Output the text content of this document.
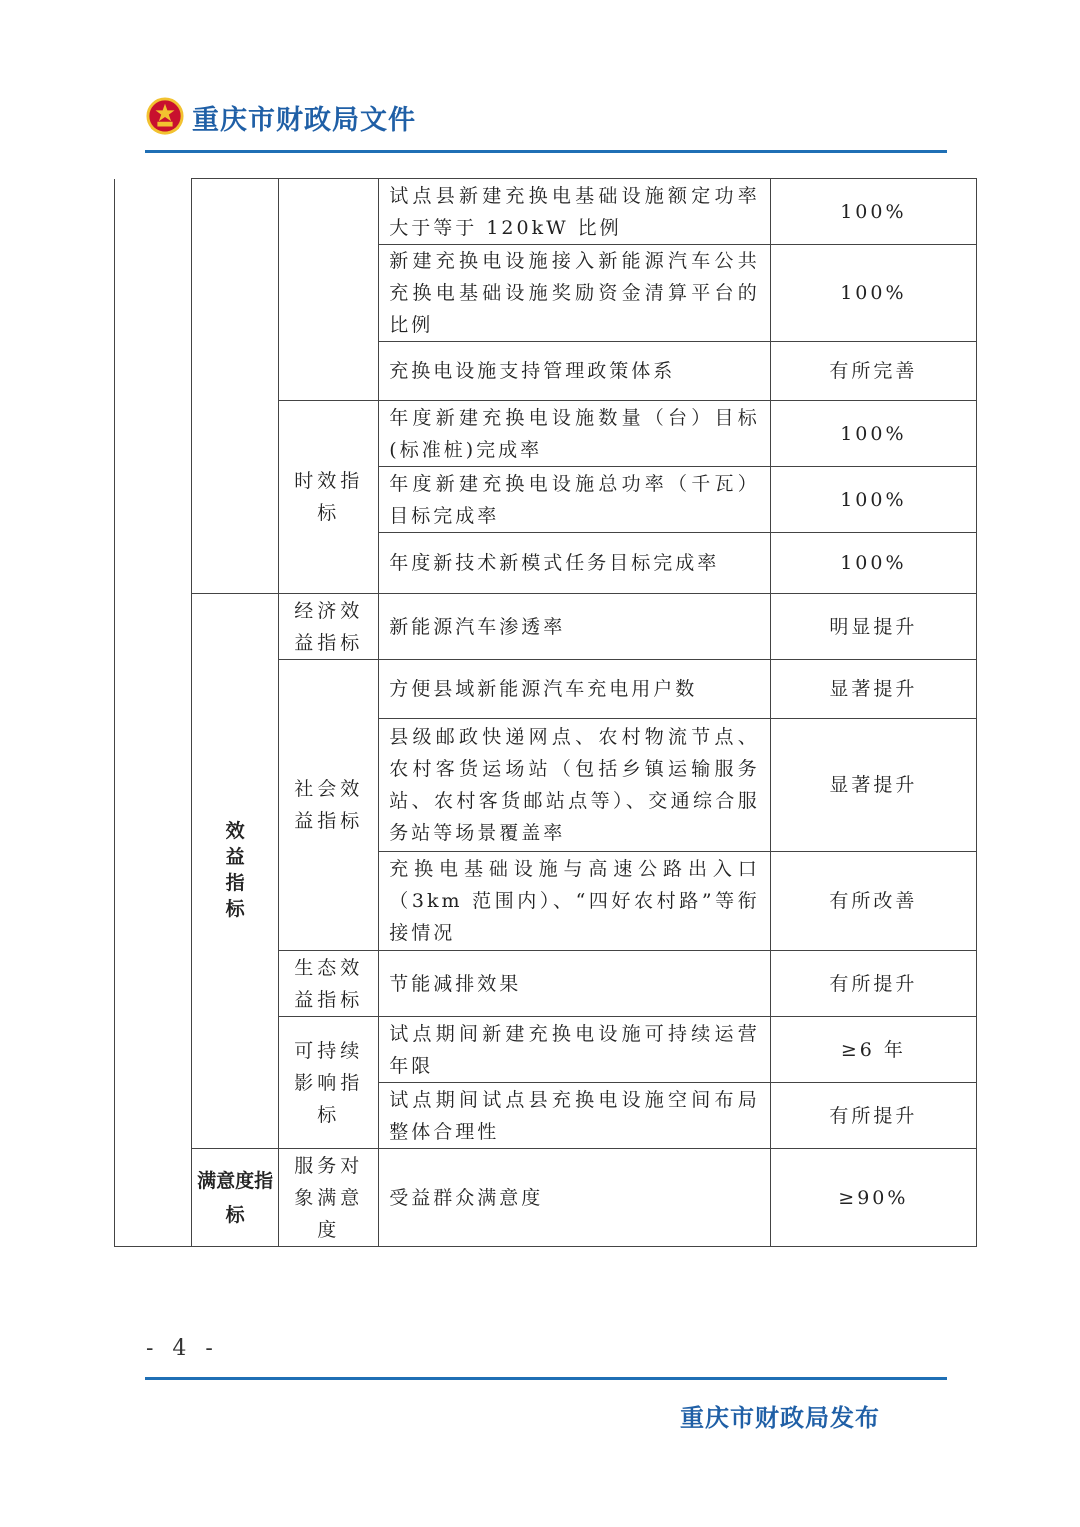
重庆市财政局文件
			试点县新建充换电基础设施额定功率大于等于 120kW 比例	100%
			新建充换电设施接入新能源汽车公共充换电基础设施奖励资金清算平台的比例	100%
			充换电设施支持管理政策体系	有所完善
		时效指标	年度新建充换电设施数量（台）目标(标准桩)完成率	100%
			年度新建充换电设施总功率（千瓦）目标完成率	100%
			年度新技术新模式任务目标完成率	100%
	效益指标	经济效益指标	新能源汽车渗透率	明显提升
		社会效益指标	方便县域新能源汽车充电用户数	显著提升
			县级邮政快递网点、农村物流节点、农村客货运场站（包括乡镇运输服务站、农村客货邮站点等）、交通综合服务站等场景覆盖率	显著提升
			充换电基础设施与高速公路出入口（3km 范围内）、“四好农村路”等衔接情况	有所改善
		生态效益指标	节能减排效果	有所提升
		可持续影响指标	试点期间新建充换电设施可持续运营年限	≥6 年
			试点期间试点县充换电设施空间布局整体合理性	有所提升
	满意度指标	服务对象满意度	受益群众满意度	≥90%
- 4 -
重庆市财政局发布
